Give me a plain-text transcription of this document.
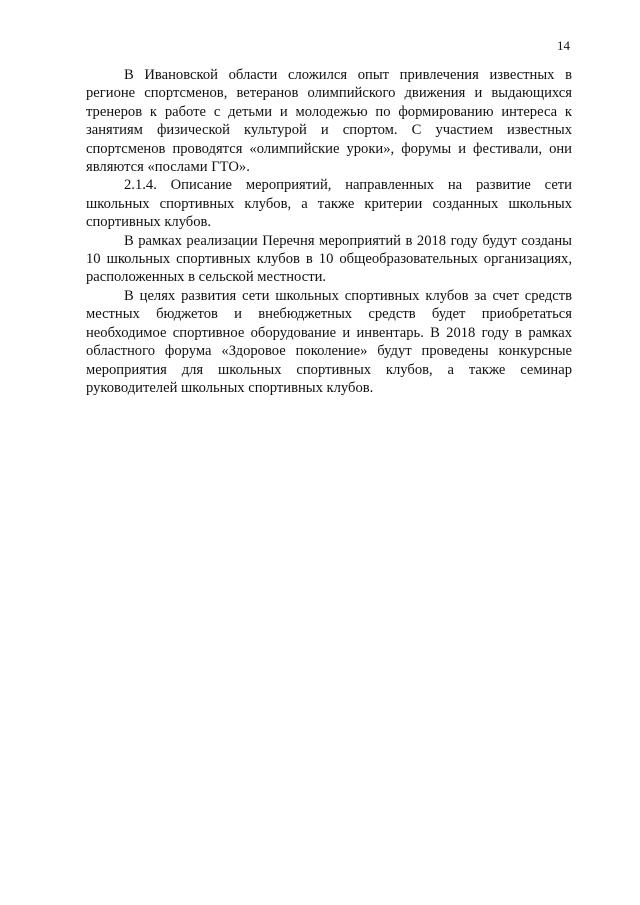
14

В Ивановской области сложился опыт привлечения известных в регионе спортсменов, ветеранов олимпийского движения и выдающихся тренеров к работе с детьми и молодежью по формированию интереса к занятиям физической культурой и спортом. С участием известных спортсменов проводятся «олимпийские уроки», форумы и фестивали, они являются «послами ГТО».

2.1.4. Описание мероприятий, направленных на развитие сети школьных спортивных клубов, а также критерии созданных школьных спортивных клубов.

В рамках реализации Перечня мероприятий в 2018 году будут созданы 10 школьных спортивных клубов в 10 общеобразовательных организациях, расположенных в сельской местности.

В целях развития сети школьных спортивных клубов за счет средств местных бюджетов и внебюджетных средств будет приобретаться необходимое спортивное оборудование и инвентарь. В 2018 году в рамках областного форума «Здоровое поколение» будут проведены конкурсные мероприятия для школьных спортивных клубов, а также семинар руководителей школьных спортивных клубов.
